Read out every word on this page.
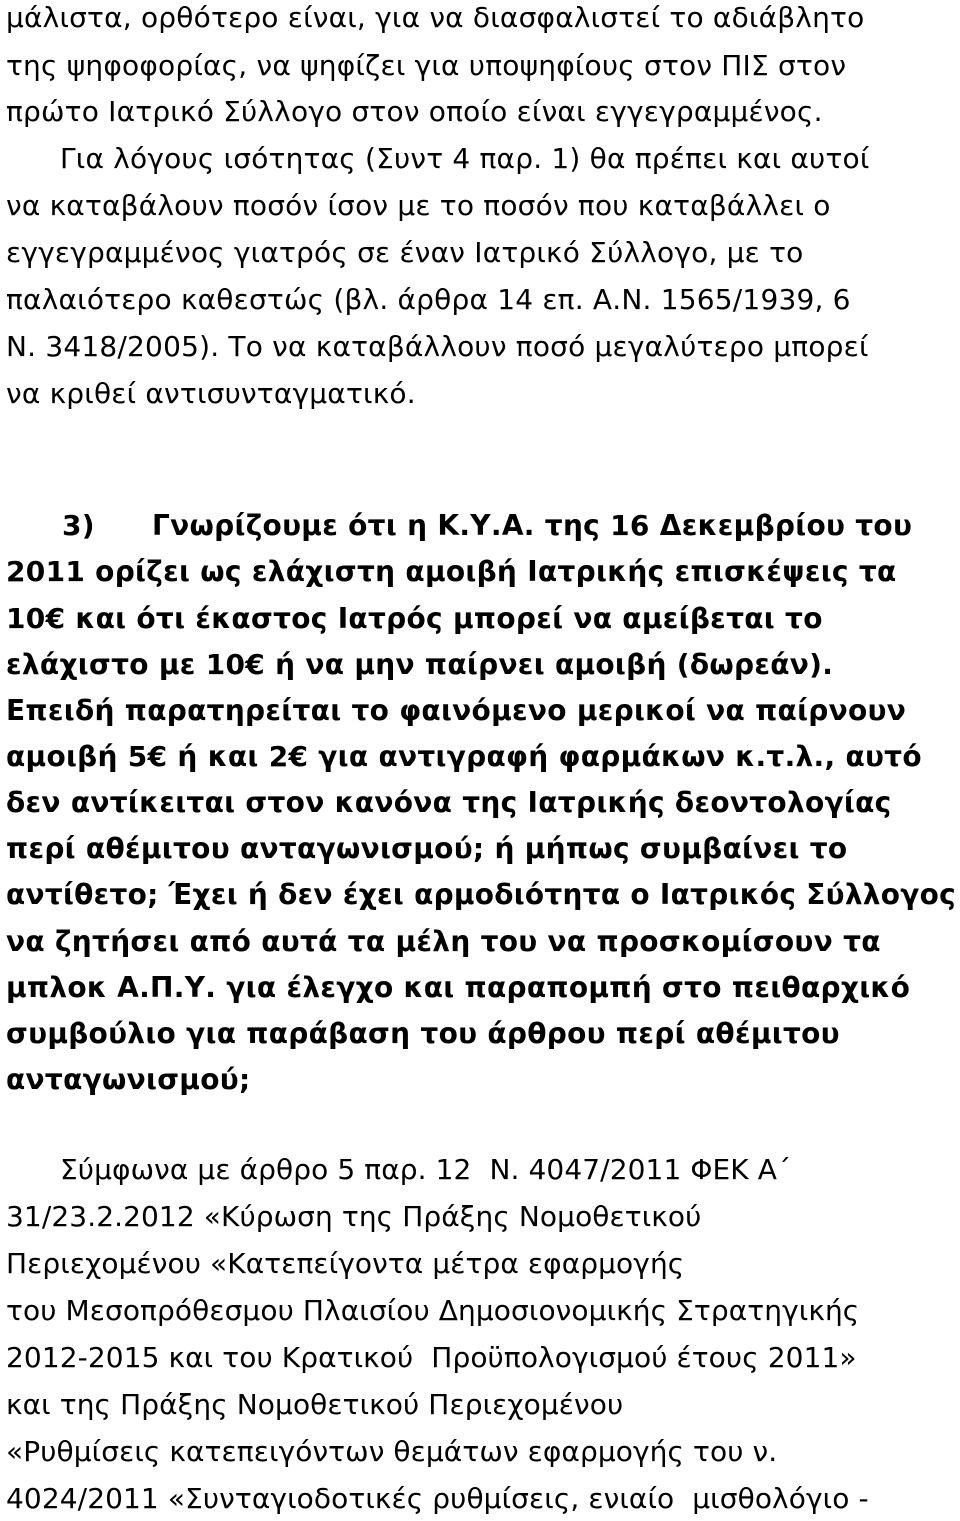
μάλιστα, ορθότερο είναι, για να διασφαλιστεί το αδιάβλητο
της ψηφοφορίας, να ψηφίζει για υποψηφίους στον ΠΙΣ στον
πρώτο Ιατρικό Σύλλογο στον οποίο είναι εγγεγραμμένος.
Για λόγους ισότητας (Συντ 4 παρ. 1) θα πρέπει και αυτοί
να καταβάλουν ποσόν ίσον με το ποσόν που καταβάλλει ο
εγγεγραμμένος γιατρός σε έναν Ιατρικό Σύλλογο, με το
παλαιότερο καθεστώς (βλ. άρθρα 14 επ. Α.Ν. 1565/1939, 6
Ν. 3418/2005). Το να καταβάλλουν ποσό μεγαλύτερο μπορεί
να κριθεί αντισυνταγματικό.
3) Γνωρίζουμε ότι η Κ.Υ.Α. της 16 Δεκεμβρίου του
2011 ορίζει ως ελάχιστη αμοιβή Ιατρικής επισκέψεις τα
10€ και ότι έκαστος Ιατρός μπορεί να αμείβεται το
ελάχιστο με 10€ ή να μην παίρνει αμοιβή (δωρεάν).
Επειδή παρατηρείται το φαινόμενο μερικοί να παίρνουν
αμοιβή 5€ ή και 2€ για αντιγραφή φαρμάκων κ.τ.λ., αυτό
δεν αντίκειται στον κανόνα της Ιατρικής δεοντολογίας
περί αθέμιτου ανταγωνισμού; ή μήπως συμβαίνει το
αντίθετο; Έχει ή δεν έχει αρμοδιότητα ο Ιατρικός Σύλλογος
να ζητήσει από αυτά τα μέλη του να προσκομίσουν τα
μπλοκ Α.Π.Υ. για έλεγχο και παραπομπή στο πειθαρχικό
συμβούλιο για παράβαση του άρθρου περί αθέμιτου
ανταγωνισμού;
Σύμφωνα με άρθρο 5 παρ. 12  Ν. 4047/2011 ΦΕΚ Α΄
31/23.2.2012 «Κύρωση της Πράξης Νομοθετικού
Περιεχομένου «Κατεπείγοντα μέτρα εφαρμογής
του Μεσοπρόθεσμου Πλαισίου Δημοσιονομικής Στρατηγικής
2012-2015 και του Κρατικού  Προϋπολογισμού έτους 2011»
και της Πράξης Νομοθετικού Περιεχομένου
«Ρυθμίσεις κατεπειγόντων θεμάτων εφαρμογής του ν.
4024/2011 «Συνταγιοδοτικές ρυθμίσεις, ενιαίο  μισθολόγιο -
